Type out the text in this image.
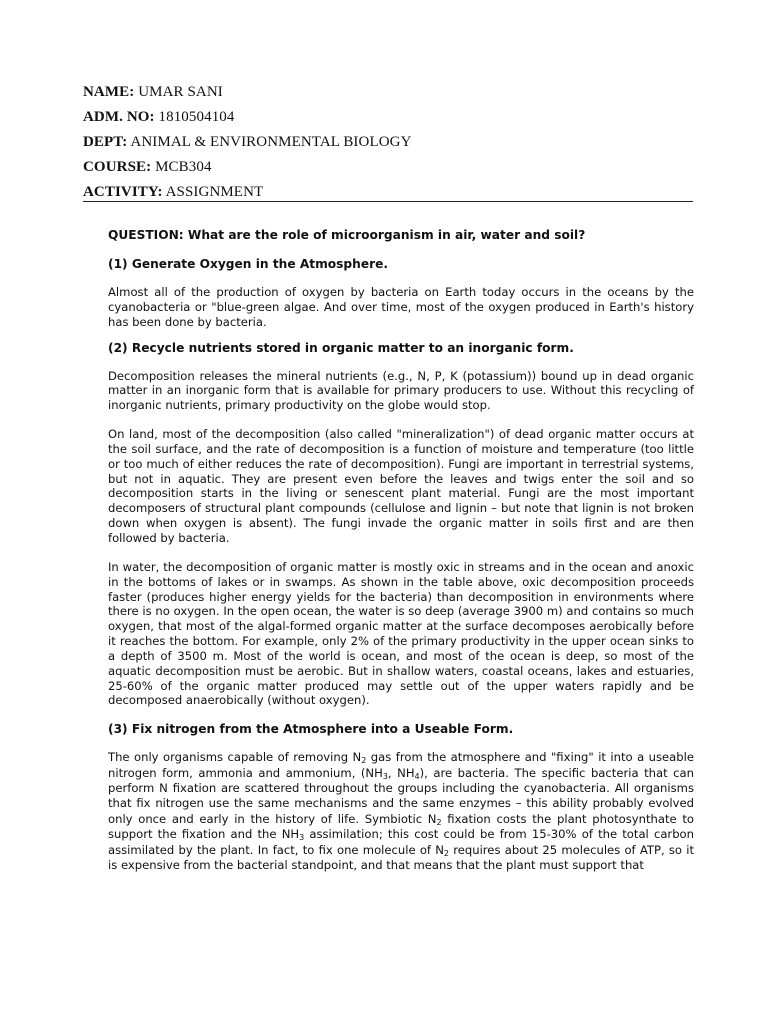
NAME: UMAR SANI
ADM. NO: 1810504104
DEPT: ANIMAL & ENVIRONMENTAL BIOLOGY
COURSE: MCB304
ACTIVITY: ASSIGNMENT

QUESTION: What are the role of microorganism in air, water and soil?

(1) Generate Oxygen in the Atmosphere.

Almost all of the production of oxygen by bacteria on Earth today occurs in the oceans by the cyanobacteria or "blue-green algae. And over time, most of the oxygen produced in Earth's history has been done by bacteria.

(2) Recycle nutrients stored in organic matter to an inorganic form.

Decomposition releases the mineral nutrients (e.g., N, P, K (potassium)) bound up in dead organic matter in an inorganic form that is available for primary producers to use. Without this recycling of inorganic nutrients, primary productivity on the globe would stop.

On land, most of the decomposition (also called "mineralization") of dead organic matter occurs at the soil surface, and the rate of decomposition is a function of moisture and temperature (too little or too much of either reduces the rate of decomposition). Fungi are important in terrestrial systems, but not in aquatic. They are present even before the leaves and twigs enter the soil and so decomposition starts in the living or senescent plant material. Fungi are the most important decomposers of structural plant compounds (cellulose and lignin – but note that lignin is not broken down when oxygen is absent). The fungi invade the organic matter in soils first and are then followed by bacteria.

In water, the decomposition of organic matter is mostly oxic in streams and in the ocean and anoxic in the bottoms of lakes or in swamps. As shown in the table above, oxic decomposition proceeds faster (produces higher energy yields for the bacteria) than decomposition in environments where there is no oxygen. In the open ocean, the water is so deep (average 3900 m) and contains so much oxygen, that most of the algal-formed organic matter at the surface decomposes aerobically before it reaches the bottom. For example, only 2% of the primary productivity in the upper ocean sinks to a depth of 3500 m. Most of the world is ocean, and most of the ocean is deep, so most of the aquatic decomposition must be aerobic. But in shallow waters, coastal oceans, lakes and estuaries, 25-60% of the organic matter produced may settle out of the upper waters rapidly and be decomposed anaerobically (without oxygen).

(3) Fix nitrogen from the Atmosphere into a Useable Form.

The only organisms capable of removing $N_2$ gas from the atmosphere and "fixing" it into a useable nitrogen form, ammonia and ammonium, ($NH_3$, $NH_4$), are bacteria. The specific bacteria that can perform N fixation are scattered throughout the groups including the cyanobacteria. All organisms that fix nitrogen use the same mechanisms and the same enzymes – this ability probably evolved only once and early in the history of life. Symbiotic $N_2$ fixation costs the plant photosynthate to support the fixation and the $NH_3$ assimilation; this cost could be from 15-30% of the total carbon assimilated by the plant. In fact, to fix one molecule of $N_2$ requires about 25 molecules of ATP, so it is expensive from the bacterial standpoint, and that means that the plant must support that
